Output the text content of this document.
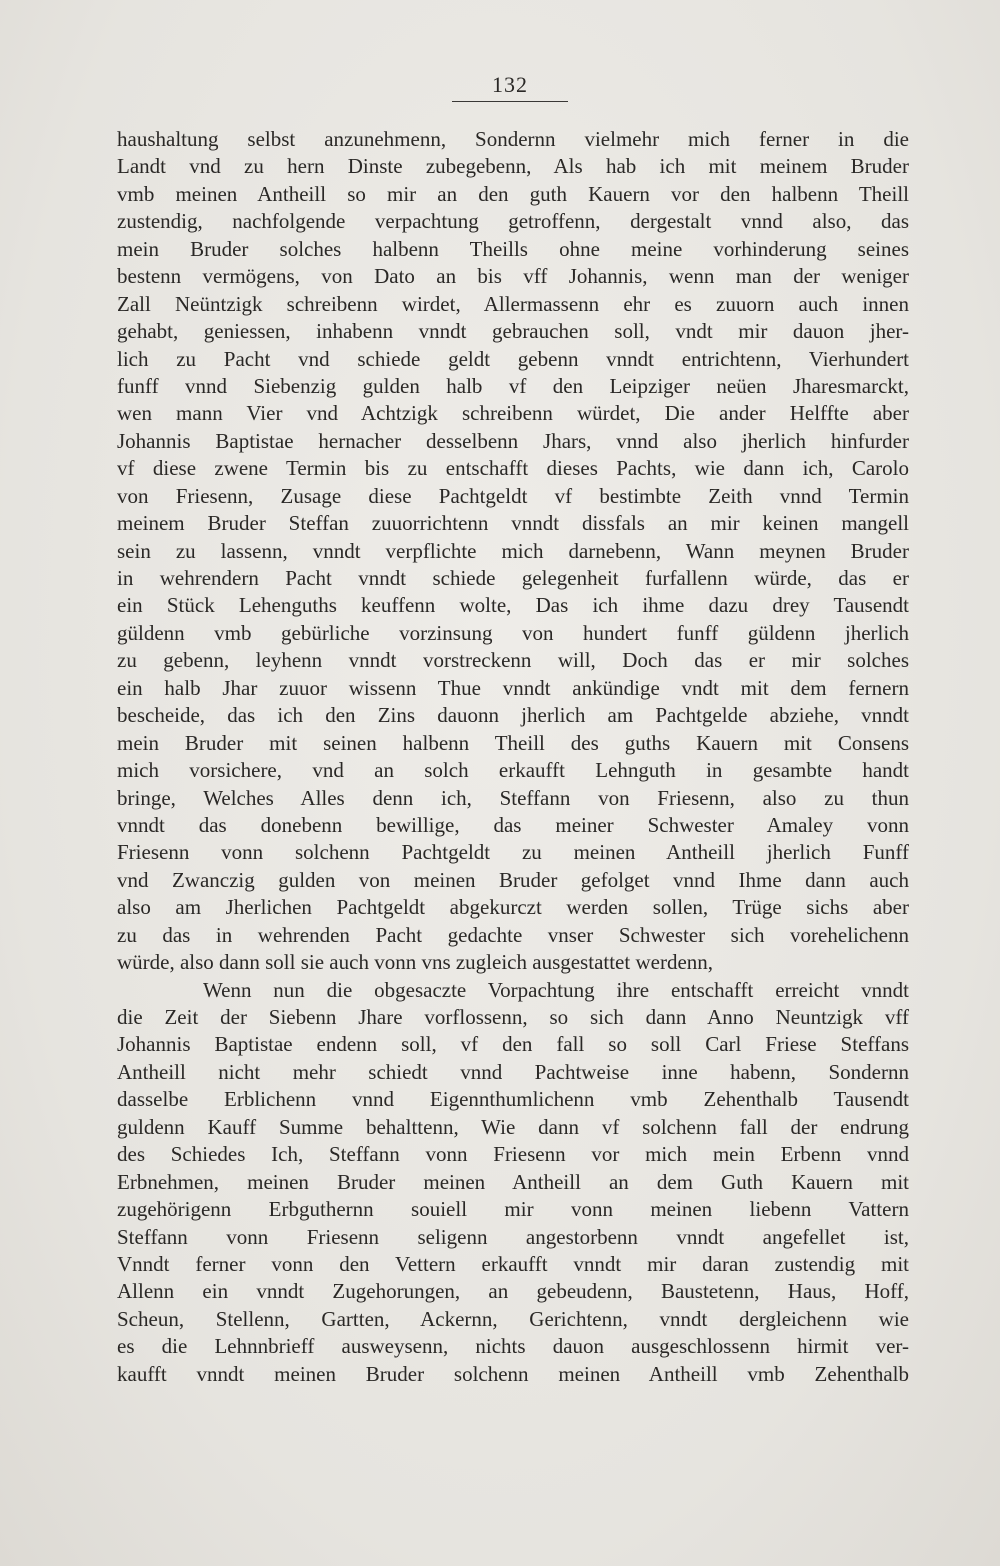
132
haushaltung selbst anzunehmenn, Sondernn vielmehr mich ferner in die
Landt vnd zu hern Dinste zubegebenn, Als hab ich mit meinem Bruder
vmb meinen Antheill so mir an den guth Kauern vor den halbenn Theill
zustendig, nachfolgende verpachtung getroffenn, dergestalt vnnd also, das
mein Bruder solches halbenn Theills ohne meine vorhinderung seines
bestenn vermögens, von Dato an bis vff Johannis, wenn man der weniger
Zall Neüntzigk schreibenn wirdet, Allermassenn ehr es zuuorn auch innen
gehabt, geniessen, inhabenn vnndt gebrauchen soll, vndt mir dauon jher-
lich zu Pacht vnd schiede geldt gebenn vnndt entrichtenn, Vierhundert
funff vnnd Siebenzig gulden halb vf den Leipziger neüen Jharesmarckt,
wen mann Vier vnd Achtzigk schreibenn würdet, Die ander Helffte aber
Johannis Baptistae hernacher desselbenn Jhars, vnnd also jherlich hinfurder
vf diese zwene Termin bis zu entschafft dieses Pachts, wie dann ich, Carolo
von Friesenn, Zusage diese Pachtgeldt vf bestimbte Zeith vnnd Termin
meinem Bruder Steffan zuuorrichtenn vnndt dissfals an mir keinen mangell
sein zu lassenn, vnndt verpflichte mich darnebenn, Wann meynen Bruder
in wehrendern Pacht vnndt schiede gelegenheit furfallenn würde, das er
ein Stück Lehenguths keuffenn wolte, Das ich ihme dazu drey Tausendt
güldenn vmb gebürliche vorzinsung von hundert funff güldenn jherlich
zu gebenn, leyhenn vnndt vorstreckenn will, Doch das er mir solches
ein halb Jhar zuuor wissenn Thue vnndt ankündige vndt mit dem fernern
bescheide, das ich den Zins dauonn jherlich am Pachtgelde abziehe, vnndt
mein Bruder mit seinen halbenn Theill des guths Kauern mit Consens
mich vorsichere, vnd an solch erkaufft Lehnguth in gesambte handt
bringe, Welches Alles denn ich, Steffann von Friesenn, also zu thun
vnndt das donebenn bewillige, das meiner Schwester Amaley vonn
Friesenn vonn solchenn Pachtgeldt zu meinen Antheill jherlich Funff
vnd Zwanczig gulden von meinen Bruder gefolget vnnd Ihme dann auch
also am Jherlichen Pachtgeldt abgekurczt werden sollen, Trüge sichs aber
zu das in wehrenden Pacht gedachte vnser Schwester sich vorehelichenn
würde, also dann soll sie auch vonn vns zugleich ausgestattet werdenn,
Wenn nun die obgesaczte Vorpachtung ihre entschafft erreicht vnndt
die Zeit der Siebenn Jhare vorflossenn, so sich dann Anno Neuntzigk vff
Johannis Baptistae endenn soll, vf den fall so soll Carl Friese Steffans
Antheill nicht mehr schiedt vnnd Pachtweise inne habenn, Sondernn
dasselbe Erblichenn vnnd Eigennthumlichenn vmb Zehenthalb Tausendt
guldenn Kauff Summe behalttenn, Wie dann vf solchenn fall der endrung
des Schiedes Ich, Steffann vonn Friesenn vor mich mein Erbenn vnnd
Erbnehmen, meinen Bruder meinen Antheill an dem Guth Kauern mit
zugehörigenn Erbguthernn souiell mir vonn meinen liebenn Vattern
Steffann vonn Friesenn seligenn angestorbenn vnndt angefellet ist,
Vnndt ferner vonn den Vettern erkaufft vnndt mir daran zustendig mit
Allenn ein vnndt Zugehorungen, an gebeudenn, Baustetenn, Haus, Hoff,
Scheun, Stellenn, Gartten, Ackernn, Gerichtenn, vnndt dergleichenn wie
es die Lehnnbrieff ausweysenn, nichts dauon ausgeschlossenn hirmit ver-
kaufft vnndt meinen Bruder solchenn meinen Antheill vmb Zehenthalb
